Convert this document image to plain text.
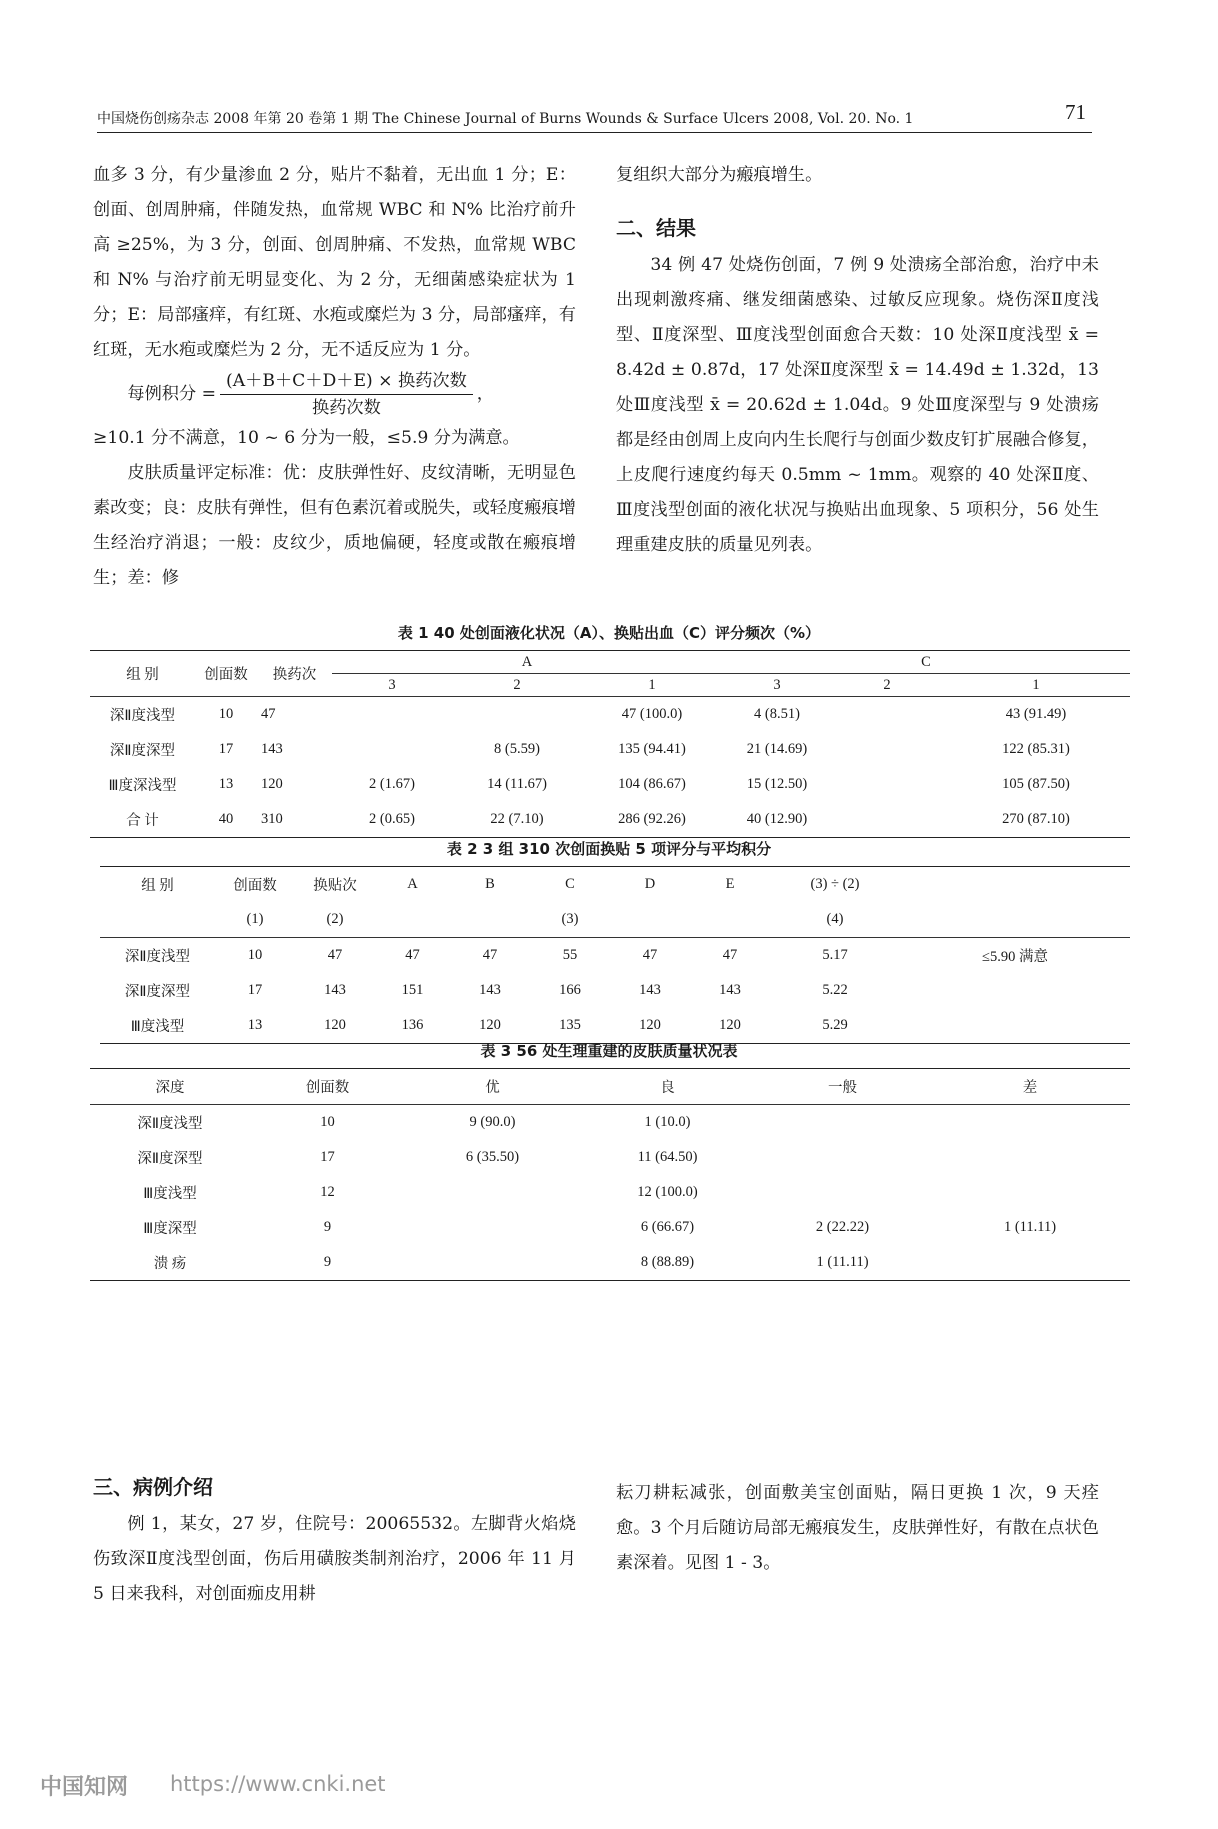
中国烧伤创疡杂志 2008 年第 20 卷第 1 期 The Chinese Journal of Burns Wounds & Surface Ulcers 2008, Vol. 20. No. 1	71

血多 3 分，有少量渗血 2 分，贴片不黏着，无出血 1 分；E：创面、创周肿痛，伴随发热，血常规 WBC 和 N% 比治疗前升高 ≥25%，为 3 分，创面、创周肿痛、不发热，血常规 WBC 和 N% 与治疗前无明显变化、为 2 分，无细菌感染症状为 1 分；E：局部瘙痒，有红斑、水疱或糜烂为 3 分，局部瘙痒，有红斑，无水疱或糜烂为 2 分，无不适反应为 1 分。

每例积分 = $\frac{\text{(A＋B＋C＋D＋E) × 换药次数}}{\text{换药次数}}$ ，

≥10.1 分不满意，10 ~ 6 分为一般，≤5.9 分为满意。

皮肤质量评定标准：优：皮肤弹性好、皮纹清晰，无明显色素改变；良：皮肤有弹性，但有色素沉着或脱失，或轻度瘢痕增生经治疗消退；一般：皮纹少，质地偏硬，轻度或散在瘢痕增生；差：修

复组织大部分为瘢痕增生。

二、结果

34 例 47 处烧伤创面，7 例 9 处溃疡全部治愈，治疗中未出现刺激疼痛、继发细菌感染、过敏反应现象。烧伤深Ⅱ度浅型、Ⅱ度深型、Ⅲ度浅型创面愈合天数：10 处深Ⅱ度浅型 x̄ = 8.42d ± 0.87d，17 处深Ⅱ度深型 x̄ = 14.49d ± 1.32d，13 处Ⅲ度浅型 x̄ = 20.62d ± 1.04d。9 处Ⅲ度深型与 9 处溃疡都是经由创周上皮向内生长爬行与创面少数皮钉扩展融合修复，上皮爬行速度约每天 0.5mm ~ 1mm。观察的 40 处深Ⅱ度、Ⅲ度浅型创面的液化状况与换贴出血现象、5 项积分，56 处生理重建皮肤的质量见列表。

表 1 40 处创面液化状况（A）、换贴出血（C）评分频次（%）
组 别	创面数	换药次	A			C		
			3	2	1	3	2	1
深Ⅱ度浅型	10	47			47 (100.0)	4 (8.51)		43 (91.49)
深Ⅱ度深型	17	143		8 (5.59)	135 (94.41)	21 (14.69)		122 (85.31)
Ⅲ度深浅型	13	120	2 (1.67)	14 (11.67)	104 (86.67)	15 (12.50)		105 (87.50)
合 计	40	310	2 (0.65)	22 (7.10)	286 (92.26)	40 (12.90)		270 (87.10)
表 2 3 组 310 次创面换贴 5 项评分与平均积分
组 别	创面数	换贴次	A	B	C	D	E	(3) ÷ (2)	
	(1)	(2)			(3)			(4)	
深Ⅱ度浅型	10	47	47	47	55	47	47	5.17	≤5.90 满意
深Ⅱ度深型	17	143	151	143	166	143	143	5.22	
Ⅲ度浅型	13	120	136	120	135	120	120	5.29	
表 3 56 处生理重建的皮肤质量状况表
深度	创面数	优	良	一般	差
深Ⅱ度浅型	10	9 (90.0)	1 (10.0)		
深Ⅱ度深型	17	6 (35.50)	11 (64.50)		
Ⅲ度浅型	12		12 (100.0)		
Ⅲ度深型	9		6 (66.67)	2 (22.22)	1 (11.11)
溃 疡	9		8 (88.89)	1 (11.11)	
三、病例介绍

例 1，某女，27 岁，住院号：20065532。左脚背火焰烧伤致深Ⅱ度浅型创面，伤后用磺胺类制剂治疗，2006 年 11 月 5 日来我科，对创面痂皮用耕

耘刀耕耘减张，创面敷美宝创面贴，隔日更换 1 次，9 天痊愈。3 个月后随访局部无瘢痕发生，皮肤弹性好，有散在点状色素深着。见图 1 - 3。

中国知网 https://www.cnki.net
